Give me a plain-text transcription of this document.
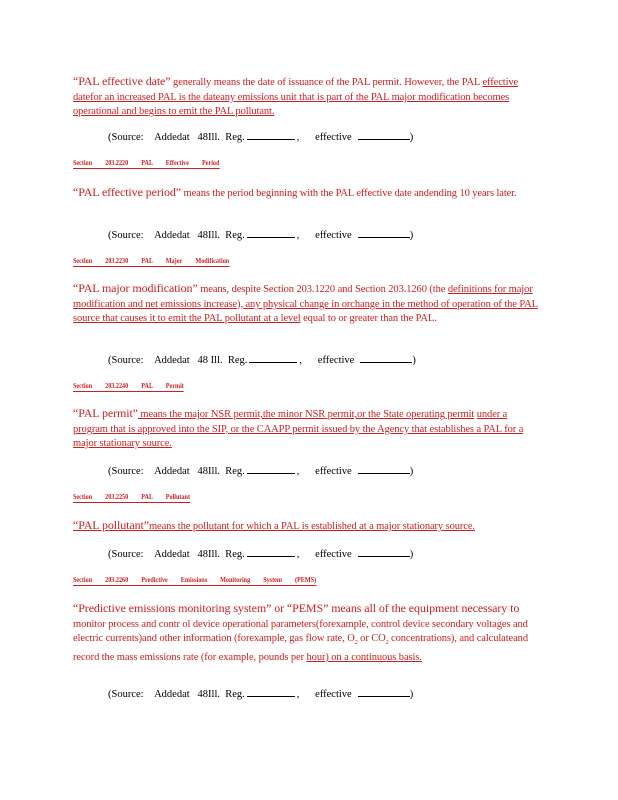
“PAL effective date” generally means the date of issuance of the PAL permit. However, the PAL effective datefor an increased PAL is the dateany emissions unit that is part of the PAL major modification becomes operational and begins to emit the PAL pollutant.
(Source: Addedat 48Ill. Reg.	,      effective	)
Section 203.2220 PAL Effective Period
“PAL effective period” means the period beginning with the PAL effective date andending 10 years later.
(Source: Addedat 48Ill. Reg.	,      effective	)
Section 203.2230 PAL Major Modification
“PAL major modification” means, despite Section 203.1220 and Section 203.1260 (the definitions for major modification and net emissions increase), any physical change in orchange in the method of operation of the PAL source that causes it to emit the PAL pollutant at a level equal to or greater than the PAL.
(Source: Addedat 48 Ill. Reg.	,      effective	)
Section 203.2240 PAL Permit
“PAL permit” means the major NSR permit,the minor NSR permit,or the State operating permit under a program that is approved into the SIP, or the CAAPP permit issued by the Agency that establishes a PAL for a major stationary source.
(Source: Addedat 48Ill. Reg.	,      effective	)
Section 203.2250 PAL Pollutant
“PAL pollutant”means the pollutant for which a PAL is established at a major stationary source.
(Source: Addedat 48Ill. Reg.	,      effective	)
Section 203.2260 Predictive Emissions Monitoring System (PEMS)
“Predictive emissions monitoring system” or “PEMS” means all of the equipment necessary to monitor process and contr ol device operational parameters(forexample, control device secondary voltages and electric currents)and other information (forexample, gas flow rate, $O_2$ or $CO_2$ concentrations), and calculateand record the mass emissions rate (for example, pounds per hour) on a continuous basis.
(Source: Addedat 48Ill. Reg.	,      effective	)
